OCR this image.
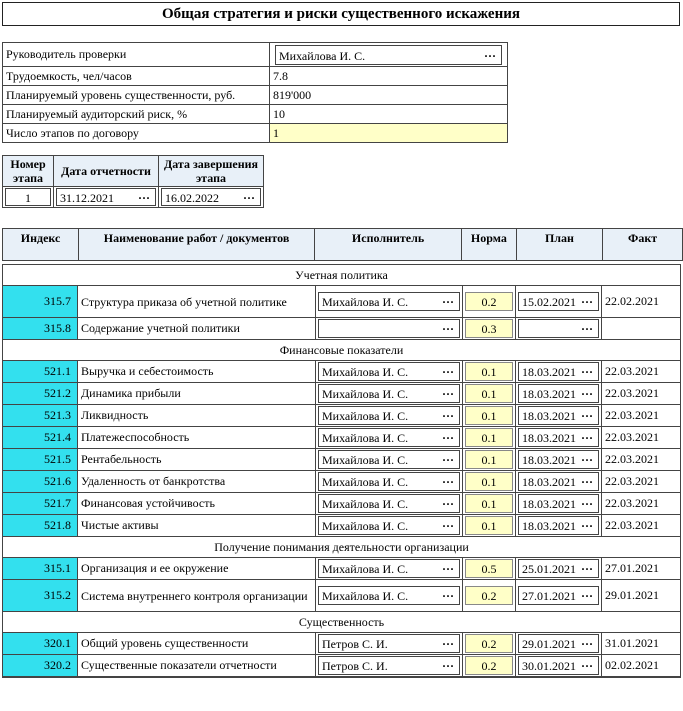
Общая стратегия и риски существенного искажения
Руководитель проверки	Михайлова И. С. ···

Трудоемкость, чел/часов	7.8
Планируемый уровень существенности, руб.	819'000
Планируемый аудиторский риск, %	10
Число этапов по договору	1
Номер этапа	Дата отчетности	Дата завершения этапа

1	31.12.2021 ···	16.02.2022 ···
Индекс	Наименование работ / документов	Исполнитель	Норма	План	Факт
Учетная политика					
315.7	Структура приказа об учетной политике	Михайлова И. С. ···	0.2	15.02.2021 ···	22.02.2021
315.8	Содержание учетной политики	···	0.3	···	

Финансовые показатели					
521.1	Выручка и себестоимость	Михайлова И. С. ···	0.1	18.03.2021 ···	22.03.2021
521.2	Динамика прибыли	Михайлова И. С. ···	0.1	18.03.2021 ···	22.03.2021
521.3	Ликвидность	Михайлова И. С. ···	0.1	18.03.2021 ···	22.03.2021
521.4	Платежеспособность	Михайлова И. С. ···	0.1	18.03.2021 ···	22.03.2021
521.5	Рентабельность	Михайлова И. С. ···	0.1	18.03.2021 ···	22.03.2021
521.6	Удаленность от банкротства	Михайлова И. С. ···	0.1	18.03.2021 ···	22.03.2021
521.7	Финансовая устойчивость	Михайлова И. С. ···	0.1	18.03.2021 ···	22.03.2021
521.8	Чистые активы	Михайлова И. С. ···	0.1	18.03.2021 ···	22.03.2021
Получение понимания деятельности организации					
315.1	Организация и ее окружение	Михайлова И. С. ···	0.5	25.01.2021 ···	27.01.2021
315.2	Система внутреннего контроля организации	Михайлова И. С. ···	0.2	27.01.2021 ···	29.01.2021
Существенность					
320.1	Общий уровень существенности	Петров С. И. ···	0.2	29.01.2021 ···	31.01.2021
320.2	Существенные показатели отчетности	Петров С. И. ···	0.2	30.01.2021 ···	02.02.2021
